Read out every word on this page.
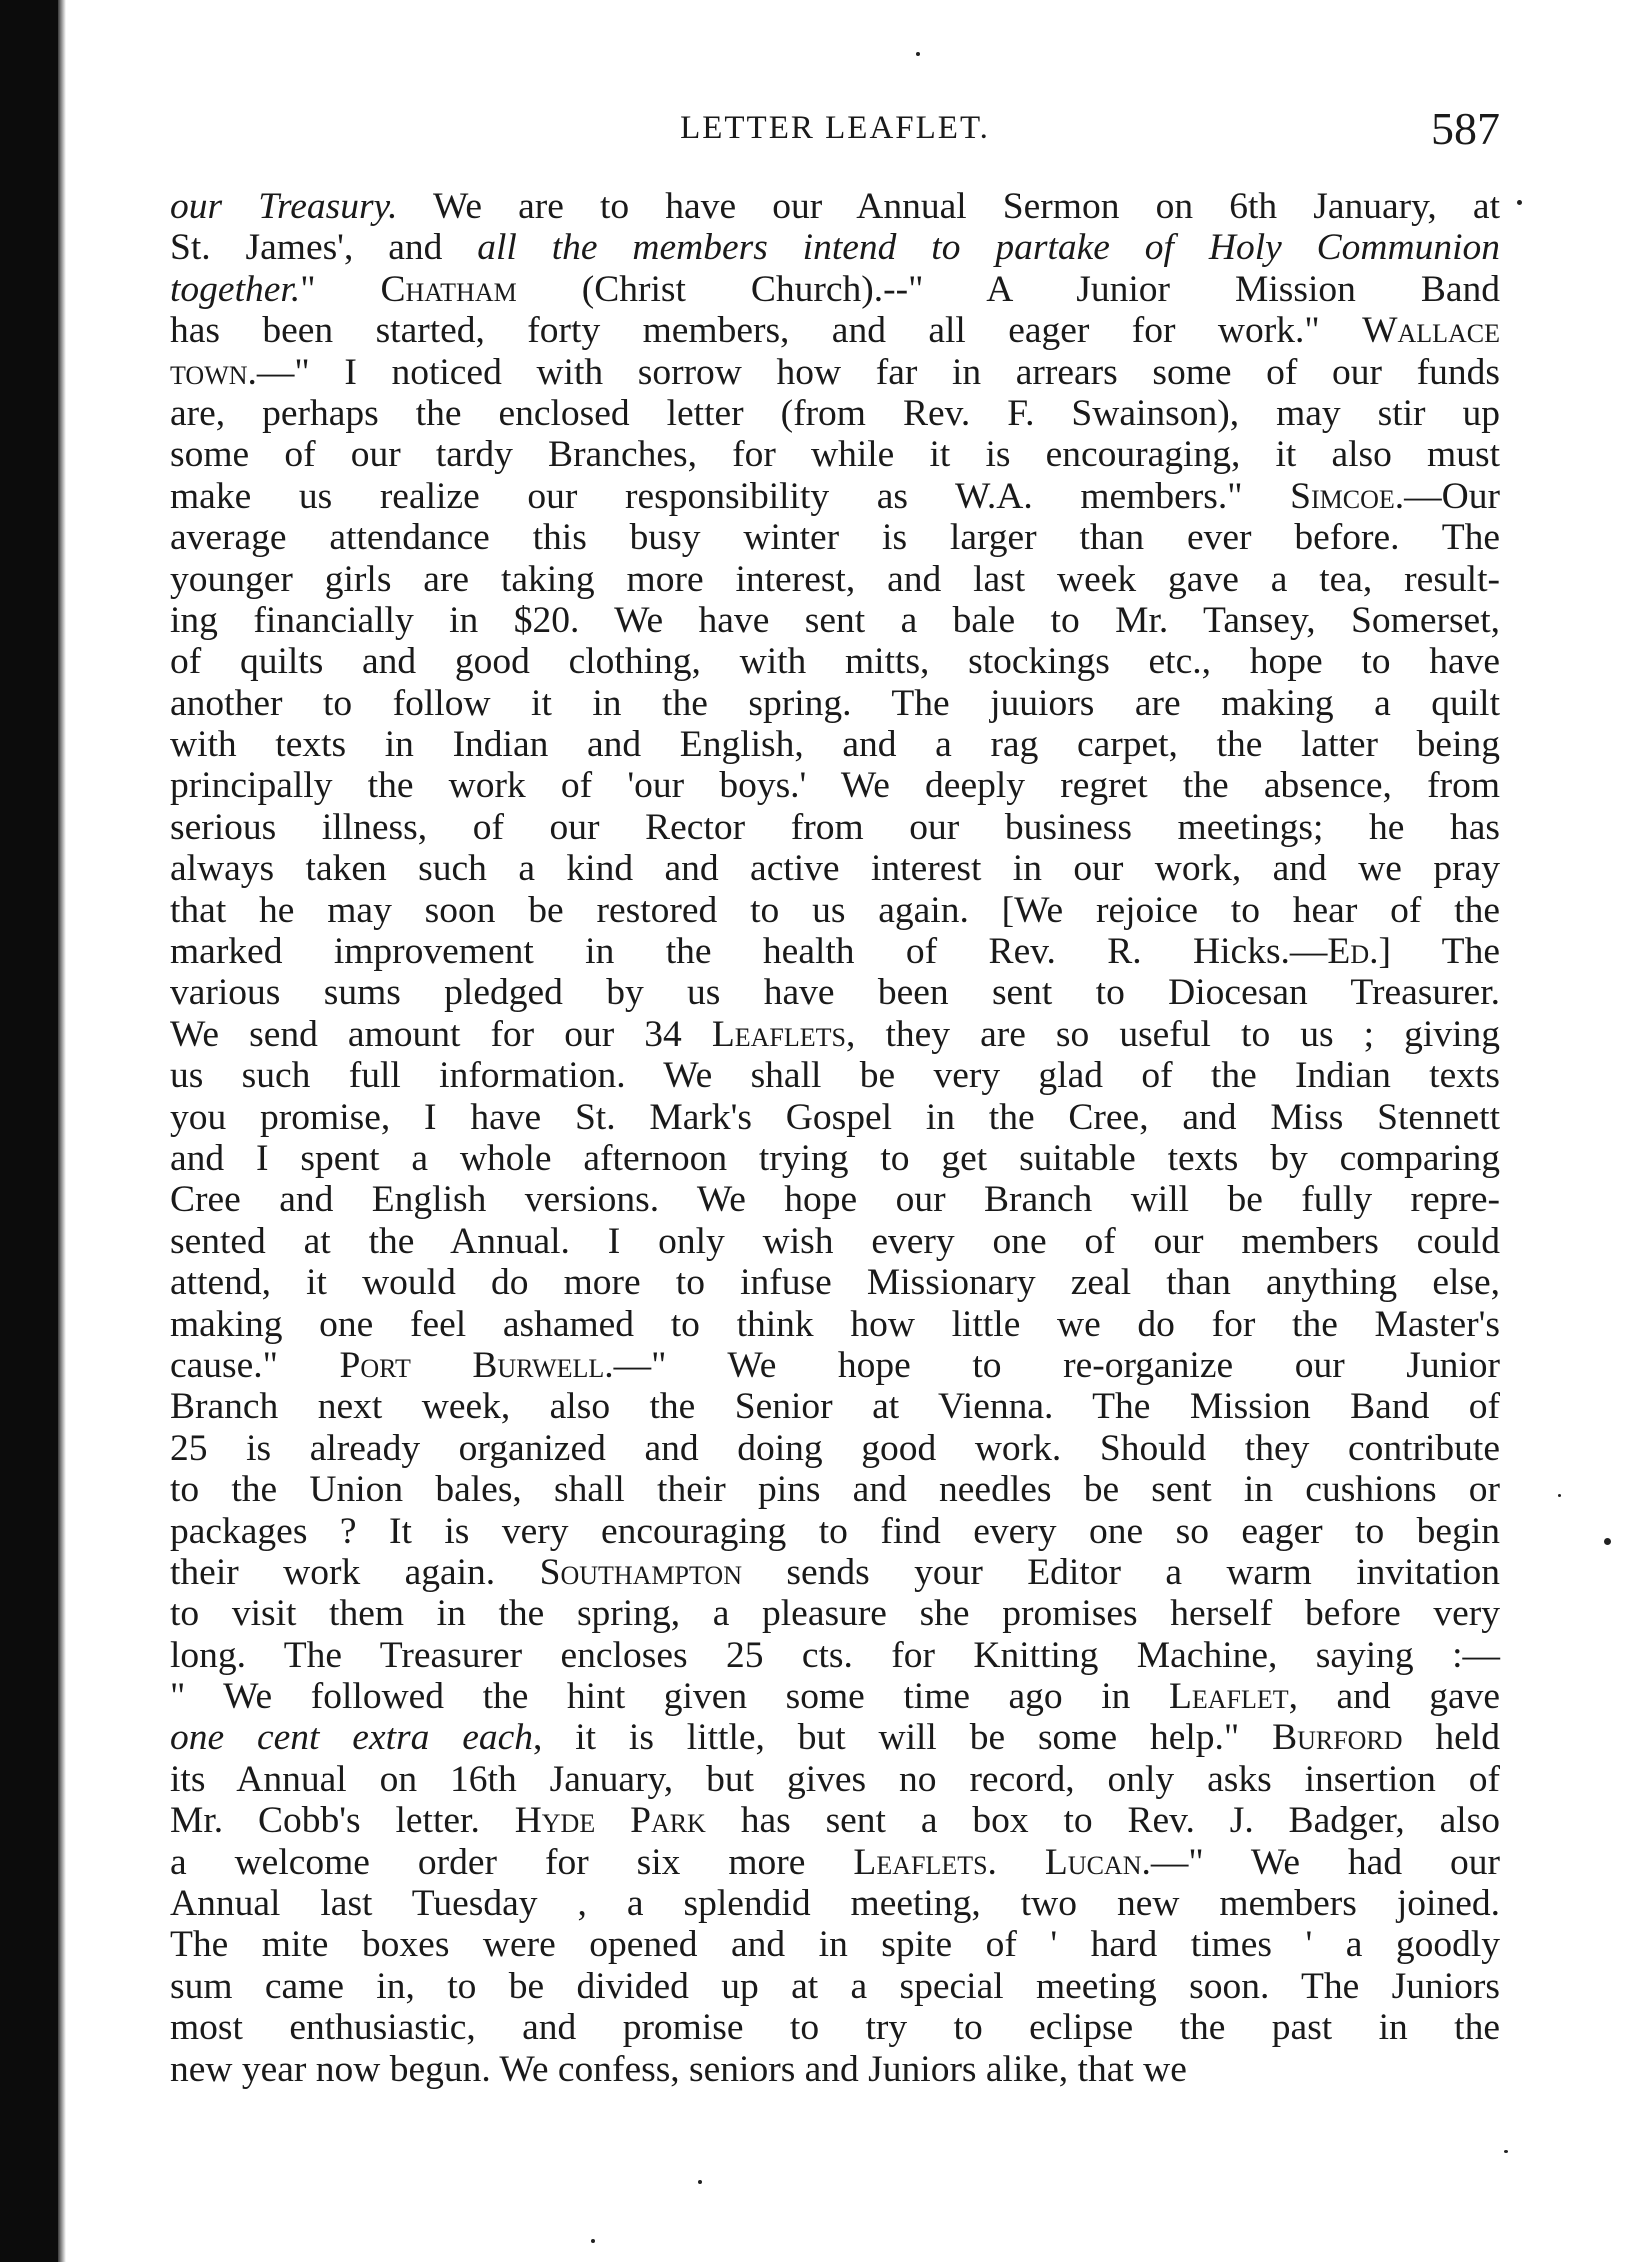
LETTER LEAFLET.	587
our Treasury. We are to have our Annual Sermon on 6th January, at
St. James', and all the members intend to partake of Holy Communion
together." Chatham (Christ Church).--" A Junior Mission Band
has been started, forty members, and all eager for work." Wallace
town.—" I noticed with sorrow how far in arrears some of our funds
are, perhaps the enclosed letter (from Rev. F. Swainson), may stir up
some of our tardy Branches, for while it is encouraging, it also must
make us realize our responsibility as W.A. members." Simcoe.—Our
average attendance this busy winter is larger than ever before. The
younger girls are taking more interest, and last week gave a tea, result-
ing financially in $20. We have sent a bale to Mr. Tansey, Somerset,
of quilts and good clothing, with mitts, stockings etc., hope to have
another to follow it in the spring. The juuiors are making a quilt
with texts in Indian and English, and a rag carpet, the latter being
principally the work of 'our boys.' We deeply regret the absence, from
serious illness, of our Rector from our business meetings; he has
always taken such a kind and active interest in our work, and we pray
that he may soon be restored to us again. [We rejoice to hear of the
marked improvement in the health of Rev. R. Hicks.—Ed.] The
various sums pledged by us have been sent to Diocesan Treasurer.
We send amount for our 34 Leaflets, they are so useful to us ; giving
us such full information. We shall be very glad of the Indian texts
you promise, I have St. Mark's Gospel in the Cree, and Miss Stennett
and I spent a whole afternoon trying to get suitable texts by comparing
Cree and English versions. We hope our Branch will be fully repre-
sented at the Annual. I only wish every one of our members could
attend, it would do more to infuse Missionary zeal than anything else,
making one feel ashamed to think how little we do for the Master's
cause." Port Burwell.—" We hope to re-organize our Junior
Branch next week, also the Senior at Vienna. The Mission Band of
25 is already organized and doing good work. Should they contribute
to the Union bales, shall their pins and needles be sent in cushions or
packages ? It is very encouraging to find every one so eager to begin
their work again. Southampton sends your Editor a warm invitation
to visit them in the spring, a pleasure she promises herself before very
long. The Treasurer encloses 25 cts. for Knitting Machine, saying :—
" We followed the hint given some time ago in Leaflet, and gave
one cent extra each, it is little, but will be some help." Burford held
its Annual on 16th January, but gives no record, only asks insertion of
Mr. Cobb's letter. Hyde Park has sent a box to Rev. J. Badger, also
a welcome order for six more Leaflets. Lucan.—" We had our
Annual last Tuesday , a splendid meeting, two new members joined.
The mite boxes were opened and in spite of ' hard times ' a goodly
sum came in, to be divided up at a special meeting soon. The Juniors
most enthusiastic, and promise to try to eclipse the past in the
new year now begun. We confess, seniors and Juniors alike, that we
